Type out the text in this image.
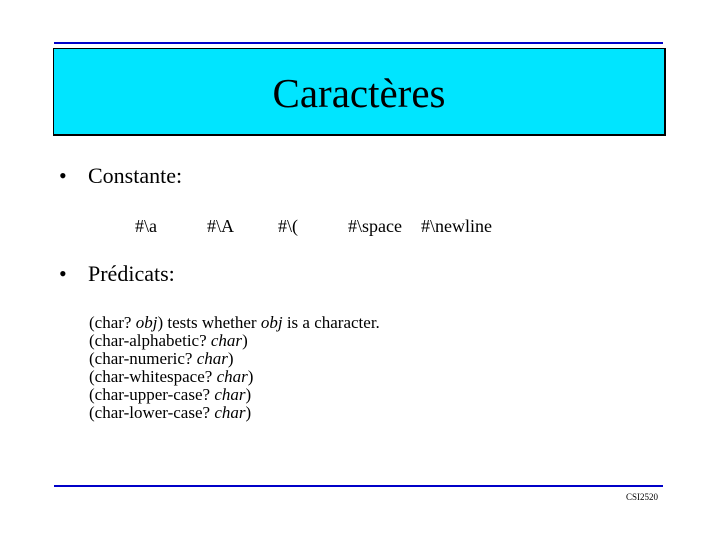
Caractères
• Constante:
#\a	#\A #\(	#\space #\newline
• Prédicats:
(char? obj) tests whether obj is a character.
(char-alphabetic? char)
(char-numeric? char)
(char-whitespace? char)
(char-upper-case? char)
(char-lower-case? char)
CSI2520
